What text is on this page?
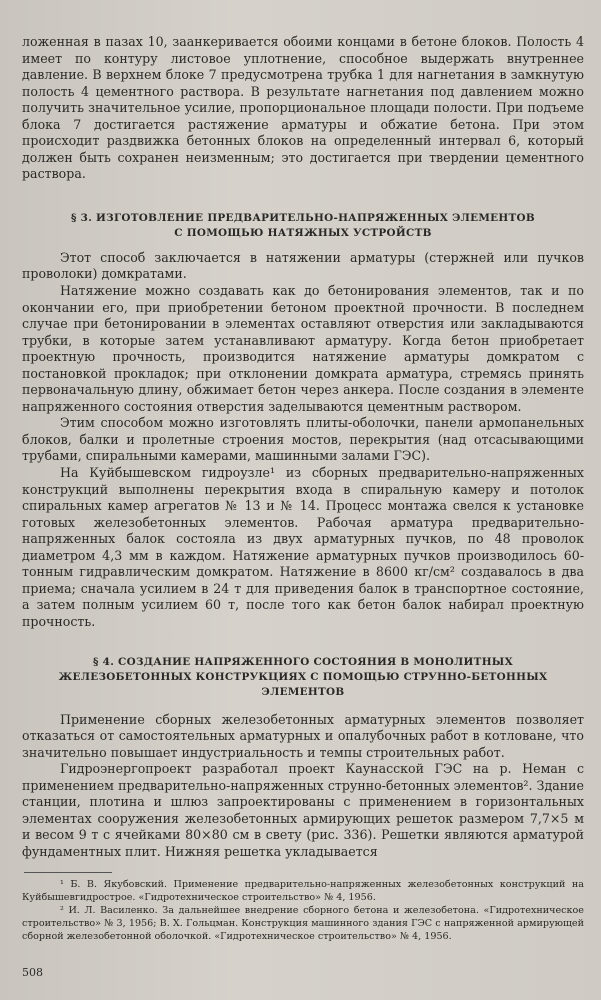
ложенная в пазах 10, заанкеривается обоими концами в бетоне блоков. Полость 4 имеет по контуру листовое уплотнение, способное выдержать внутреннее давление. В верхнем блоке 7 предусмотрена трубка 1 для нагнетания в замкнутую полость 4 цементного раствора. В результате нагнетания под давлением можно получить значительное усилие, пропорциональное площади полости. При подъеме блока 7 достигается растяжение арматуры и обжатие бетона. При этом происходит раздвижка бетонных блоков на определенный интервал 6, который должен быть сохранен неизменным; это достигается при твердении цементного раствора.

§ 3. ИЗГОТОВЛЕНИЕ ПРЕДВАРИТЕЛЬНО-НАПРЯЖЕННЫХ ЭЛЕМЕНТОВ
С ПОМОЩЬЮ НАТЯЖНЫХ УСТРОЙСТВ

Этот способ заключается в натяжении арматуры (стержней или пучков проволоки) домкратами.

Натяжение можно создавать как до бетонирования элементов, так и по окончании его, при приобретении бетоном проектной прочности. В последнем случае при бетонировании в элементах оставляют отверстия или закладываются трубки, в которые затем устанавливают арматуру. Когда бетон приобретает проектную прочность, производится натяжение арматуры домкратом с постановкой прокладок; при отклонении домкрата арматура, стремясь принять первоначальную длину, обжимает бетон через анкера. После создания в элементе напряженного состояния отверстия заделываются цементным раствором.

Этим способом можно изготовлять плиты-оболочки, панели армопанельных блоков, балки и пролетные строения мостов, перекрытия (над отсасывающими трубами, спиральными камерами, машинными залами ГЭС).

На Куйбышевском гидроузле¹ из сборных предварительно-напряженных конструкций выполнены перекрытия входа в спиральную камеру и потолок спиральных камер агрегатов № 13 и № 14. Процесс монтажа свелся к установке готовых железобетонных элементов. Рабочая арматура предварительно-напряженных балок состояла из двух арматурных пучков, по 48 проволок диаметром 4,3 мм в каждом. Натяжение арматурных пучков производилось 60-тонным гидравлическим домкратом. Натяжение в 8600 кг/см² создавалось в два приема; сначала усилием в 24 т для приведения балок в транспортное состояние, а затем полным усилием 60 т, после того как бетон балок набирал проектную прочность.

§ 4. СОЗДАНИЕ НАПРЯЖЕННОГО СОСТОЯНИЯ В МОНОЛИТНЫХ
ЖЕЛЕЗОБЕТОННЫХ КОНСТРУКЦИЯХ С ПОМОЩЬЮ СТРУННО-БЕТОННЫХ
ЭЛЕМЕНТОВ

Применение сборных железобетонных арматурных элементов позволяет отказаться от самостоятельных арматурных и опалубочных работ в котловане, что значительно повышает индустриальность и темпы строительных работ.

Гидроэнергопроект разработал проект Каунасской ГЭС на р. Неман с применением предварительно-напряженных струнно-бетонных элементов². Здание станции, плотина и шлюз запроектированы с применением в горизонтальных элементах сооружения железобетонных армирующих решеток размером 7,7×5 м и весом 9 т с ячейками 80×80 см в свету (рис. 336). Решетки являются арматурой фундаментных плит. Нижняя решетка укладывается

¹ Б. В. Якубовский. Применение предварительно-напряженных железобетонных конструкций на Куйбышевгидрострое. «Гидротехническое строительство» № 4, 1956.

² И. Л. Василенко. За дальнейшее внедрение сборного бетона и железобетона. «Гидротехническое строительство» № 3, 1956; В. Х. Гольцман. Конструкция машинного здания ГЭС с напряженной армирующей сборной железобетонной оболочкой. «Гидротехническое строительство» № 4, 1956.

508
